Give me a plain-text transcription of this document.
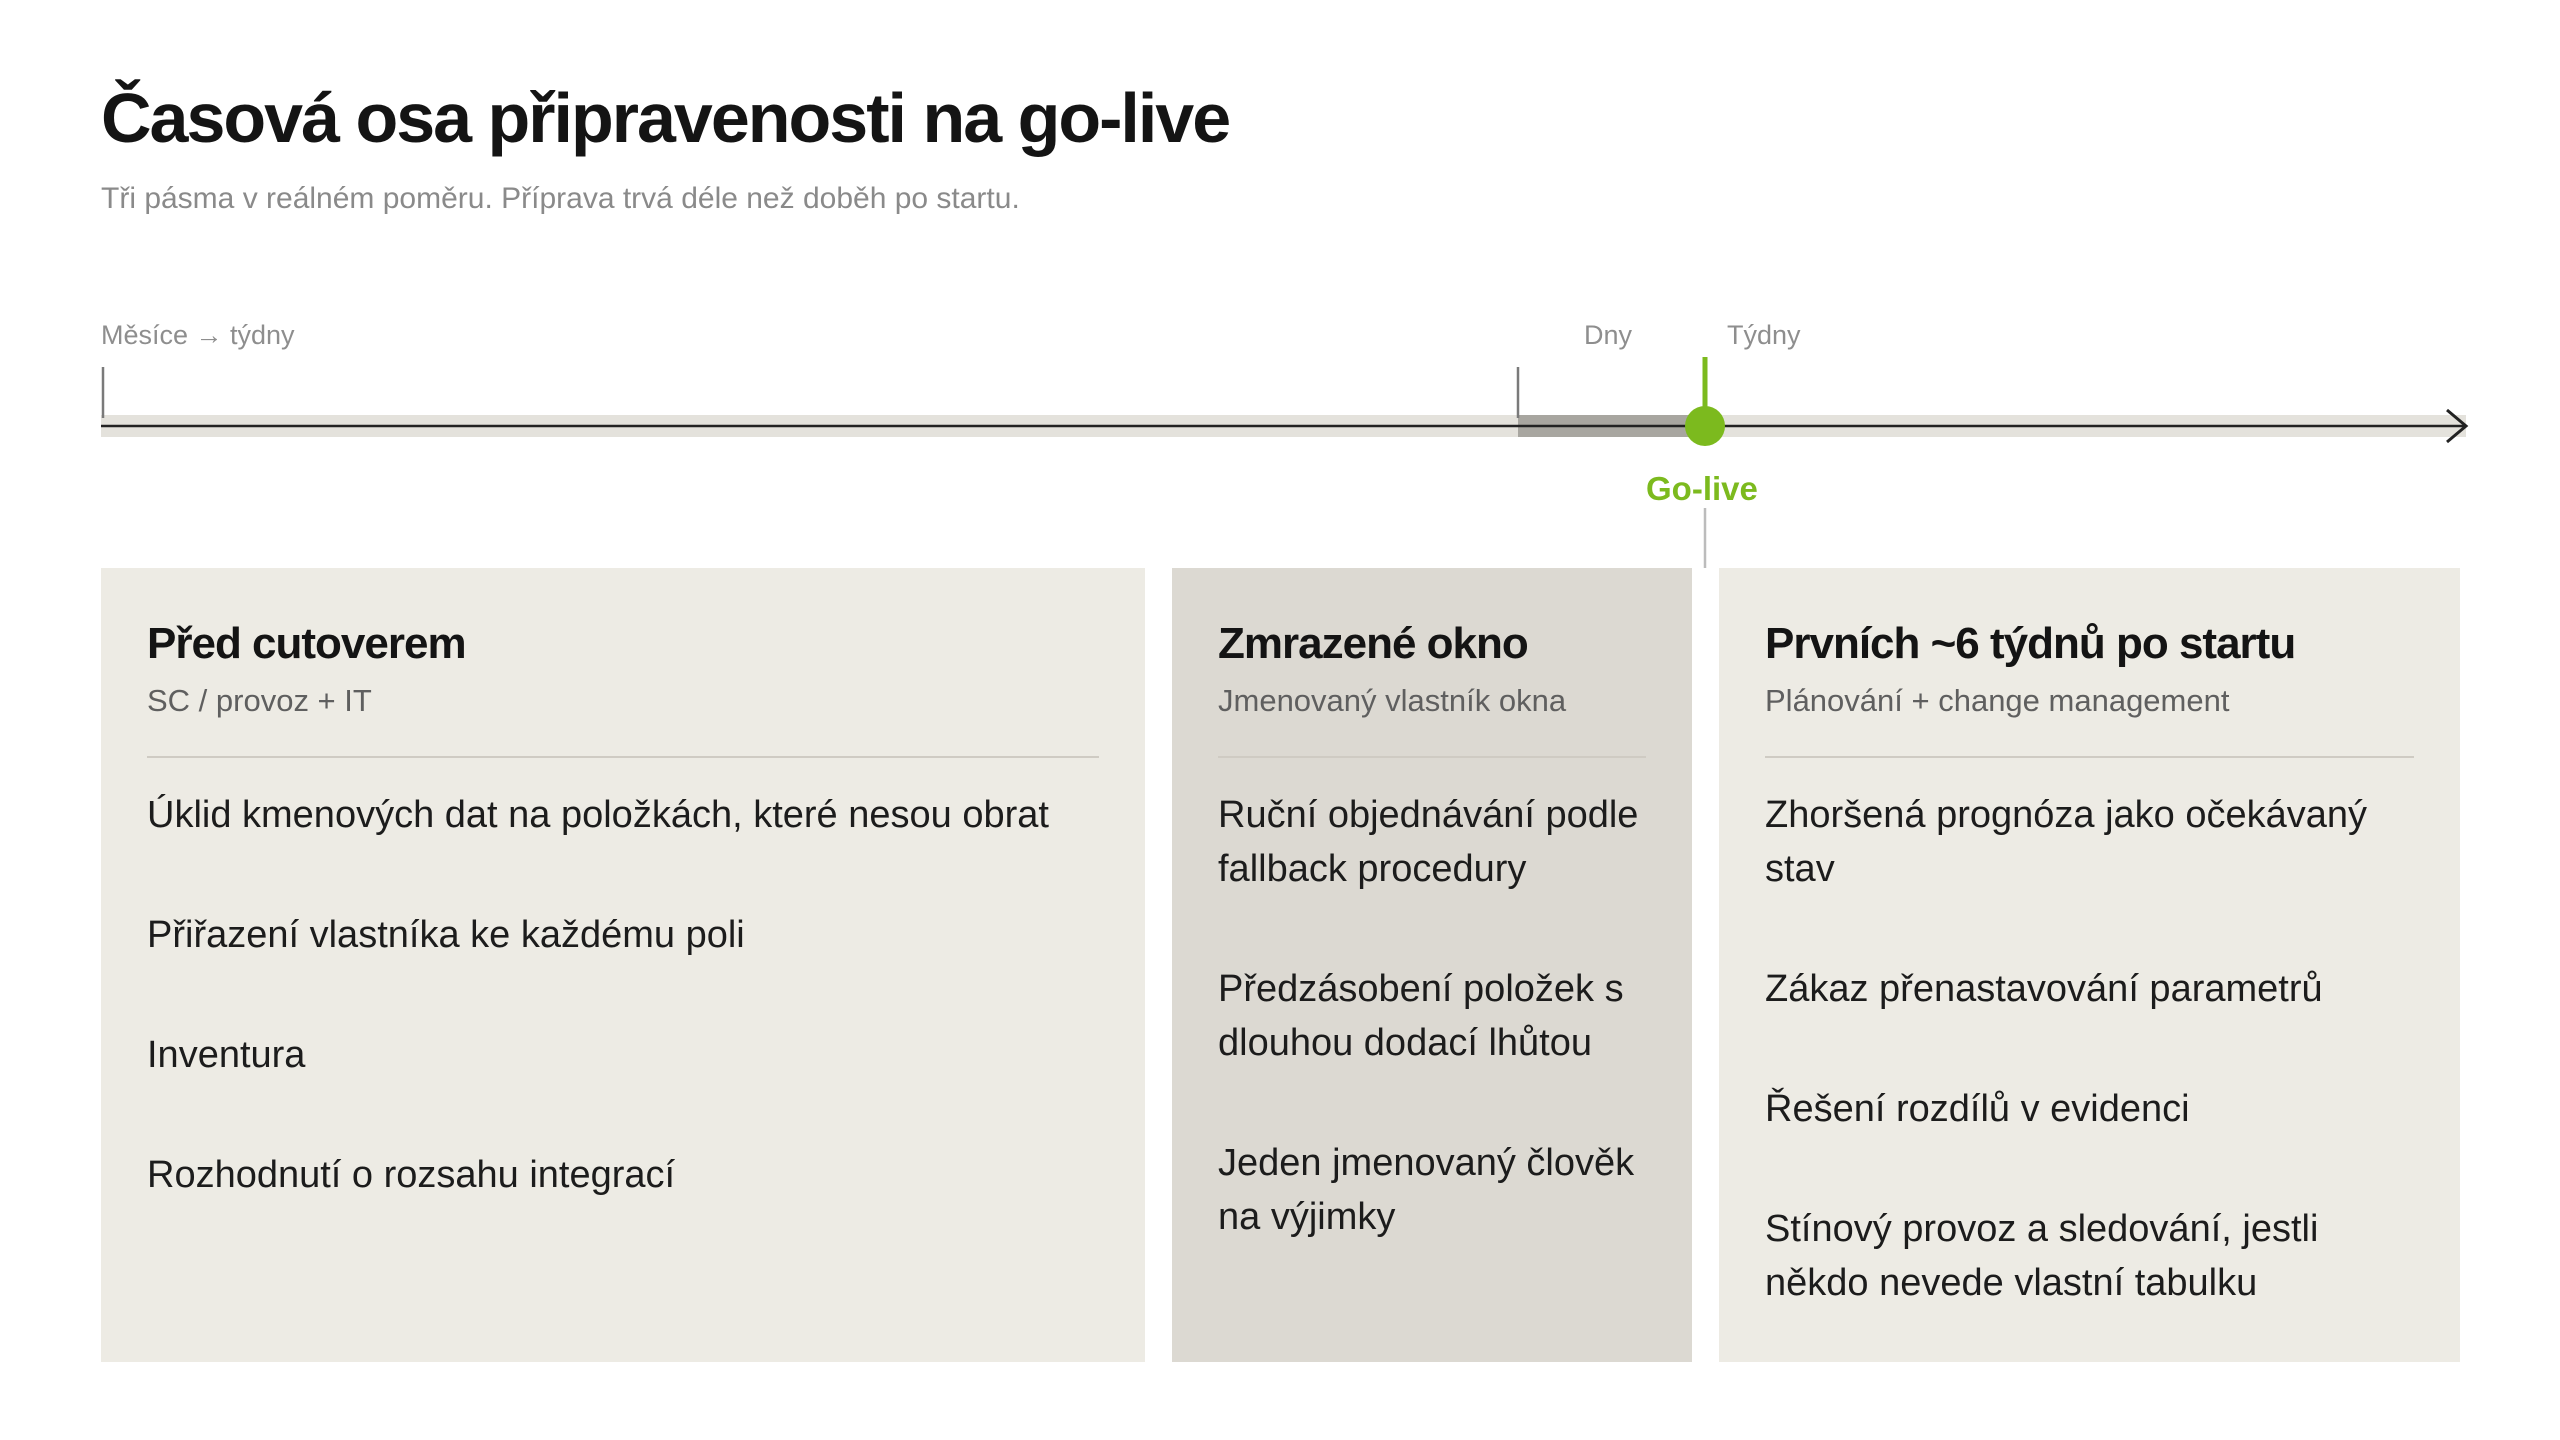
Časová osa připravenosti na go-live
Tři pásma v reálném poměru. Příprava trvá déle než doběh po startu.
Měsíce → týdny	Dny	Týdny
Go-live
Před cutoverem
SC / provoz + IT
Úklid kmenových dat na položkách, které nesou obrat
Přiřazení vlastníka ke každému poli
Inventura
Rozhodnutí o rozsahu integrací
Zmrazené okno
Jmenovaný vlastník okna
Ruční objednávání podle fallback procedury
Předzásobení položek s dlouhou dodací lhůtou
Jeden jmenovaný člověk na výjimky
Prvních ~6 týdnů po startu
Plánování + change management
Zhoršená prognóza jako očekávaný stav
Zákaz přenastavování parametrů
Řešení rozdílů v evidenci
Stínový provoz a sledování, jestli někdo nevede vlastní tabulku
